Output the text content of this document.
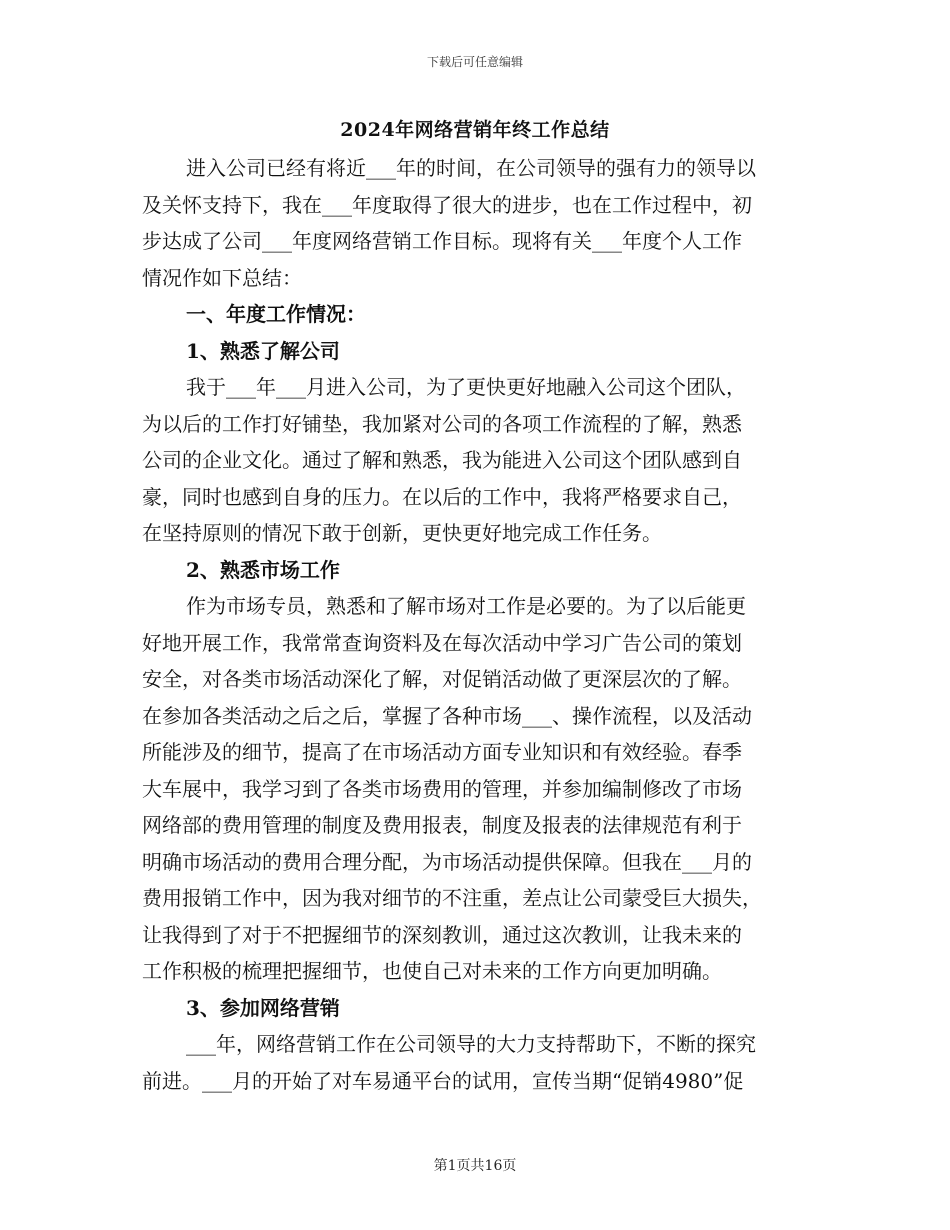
下载后可任意编辑
2024年网络营销年终工作总结
进入公司已经有将近___年的时间，在公司领导的强有力的领导以
及关怀支持下，我在___年度取得了很大的进步，也在工作过程中，初
步达成了公司___年度网络营销工作目标。现将有关___年度个人工作
情况作如下总结：
一、年度工作情况：
1、熟悉了解公司
我于___年___月进入公司，为了更快更好地融入公司这个团队，
为以后的工作打好铺垫，我加紧对公司的各项工作流程的了解，熟悉
公司的企业文化。通过了解和熟悉，我为能进入公司这个团队感到自
豪，同时也感到自身的压力。在以后的工作中，我将严格要求自己，
在坚持原则的情况下敢于创新，更快更好地完成工作任务。
2、熟悉市场工作
作为市场专员，熟悉和了解市场对工作是必要的。为了以后能更
好地开展工作，我常常查询资料及在每次活动中学习广告公司的策划
安全，对各类市场活动深化了解，对促销活动做了更深层次的了解。
在参加各类活动之后之后，掌握了各种市场___、操作流程，以及活动
所能涉及的细节，提高了在市场活动方面专业知识和有效经验。春季
大车展中，我学习到了各类市场费用的管理，并参加编制修改了市场
网络部的费用管理的制度及费用报表，制度及报表的法律规范有利于
明确市场活动的费用合理分配，为市场活动提供保障。但我在___月的
费用报销工作中，因为我对细节的不注重，差点让公司蒙受巨大损失，
让我得到了对于不把握细节的深刻教训，通过这次教训，让我未来的
工作积极的梳理把握细节，也使自己对未来的工作方向更加明确。
3、参加网络营销
___年，网络营销工作在公司领导的大力支持帮助下，不断的探究
前进。___月的开始了对车易通平台的试用，宣传当期“促销4980”促
第1页共16页
